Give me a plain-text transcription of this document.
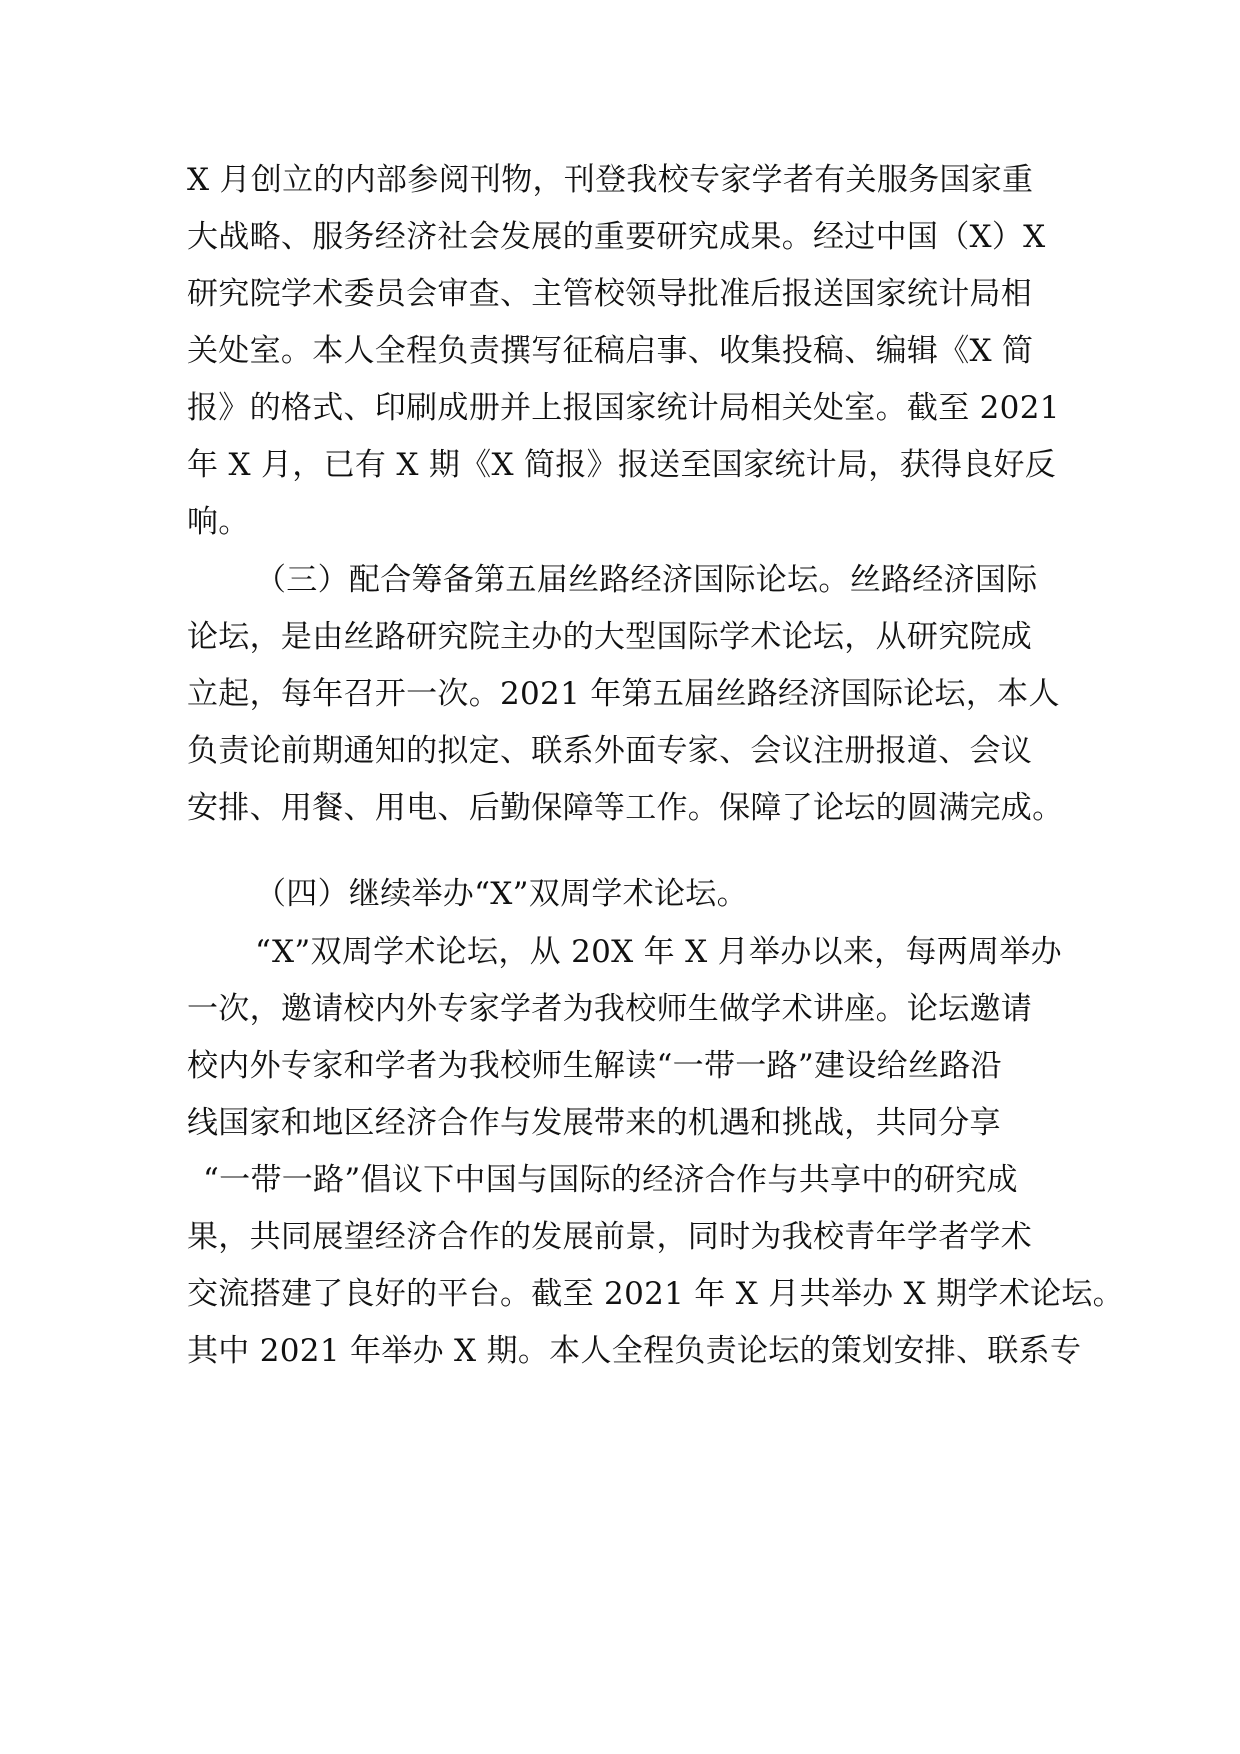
X 月创立的内部参阅刊物，刊登我校专家学者有关服务国家重
大战略、服务经济社会发展的重要研究成果。经过中国（X）X
研究院学术委员会审查、主管校领导批准后报送国家统计局相
关处室。本人全程负责撰写征稿启事、收集投稿、编辑《X 简
报》的格式、印刷成册并上报国家统计局相关处室。截至 2021
年 X 月，已有 X 期《X 简报》报送至国家统计局，获得良好反
响。
（三）配合筹备第五届丝路经济国际论坛。丝路经济国际
论坛，是由丝路研究院主办的大型国际学术论坛，从研究院成
立起，每年召开一次。2021 年第五届丝路经济国际论坛，本人
负责论前期通知的拟定、联系外面专家、会议注册报道、会议
安排、用餐、用电、后勤保障等工作。保障了论坛的圆满完成。
（四）继续举办“X”双周学术论坛。
“X”双周学术论坛，从 20X 年 X 月举办以来，每两周举办
一次，邀请校内外专家学者为我校师生做学术讲座。论坛邀请
校内外专家和学者为我校师生解读“一带一路”建设给丝路沿
线国家和地区经济合作与发展带来的机遇和挑战，共同分享
“一带一路”倡议下中国与国际的经济合作与共享中的研究成
果，共同展望经济合作的发展前景，同时为我校青年学者学术
交流搭建了良好的平台。截至 2021 年 X 月共举办 X 期学术论坛。
其中 2021 年举办 X 期。本人全程负责论坛的策划安排、联系专
